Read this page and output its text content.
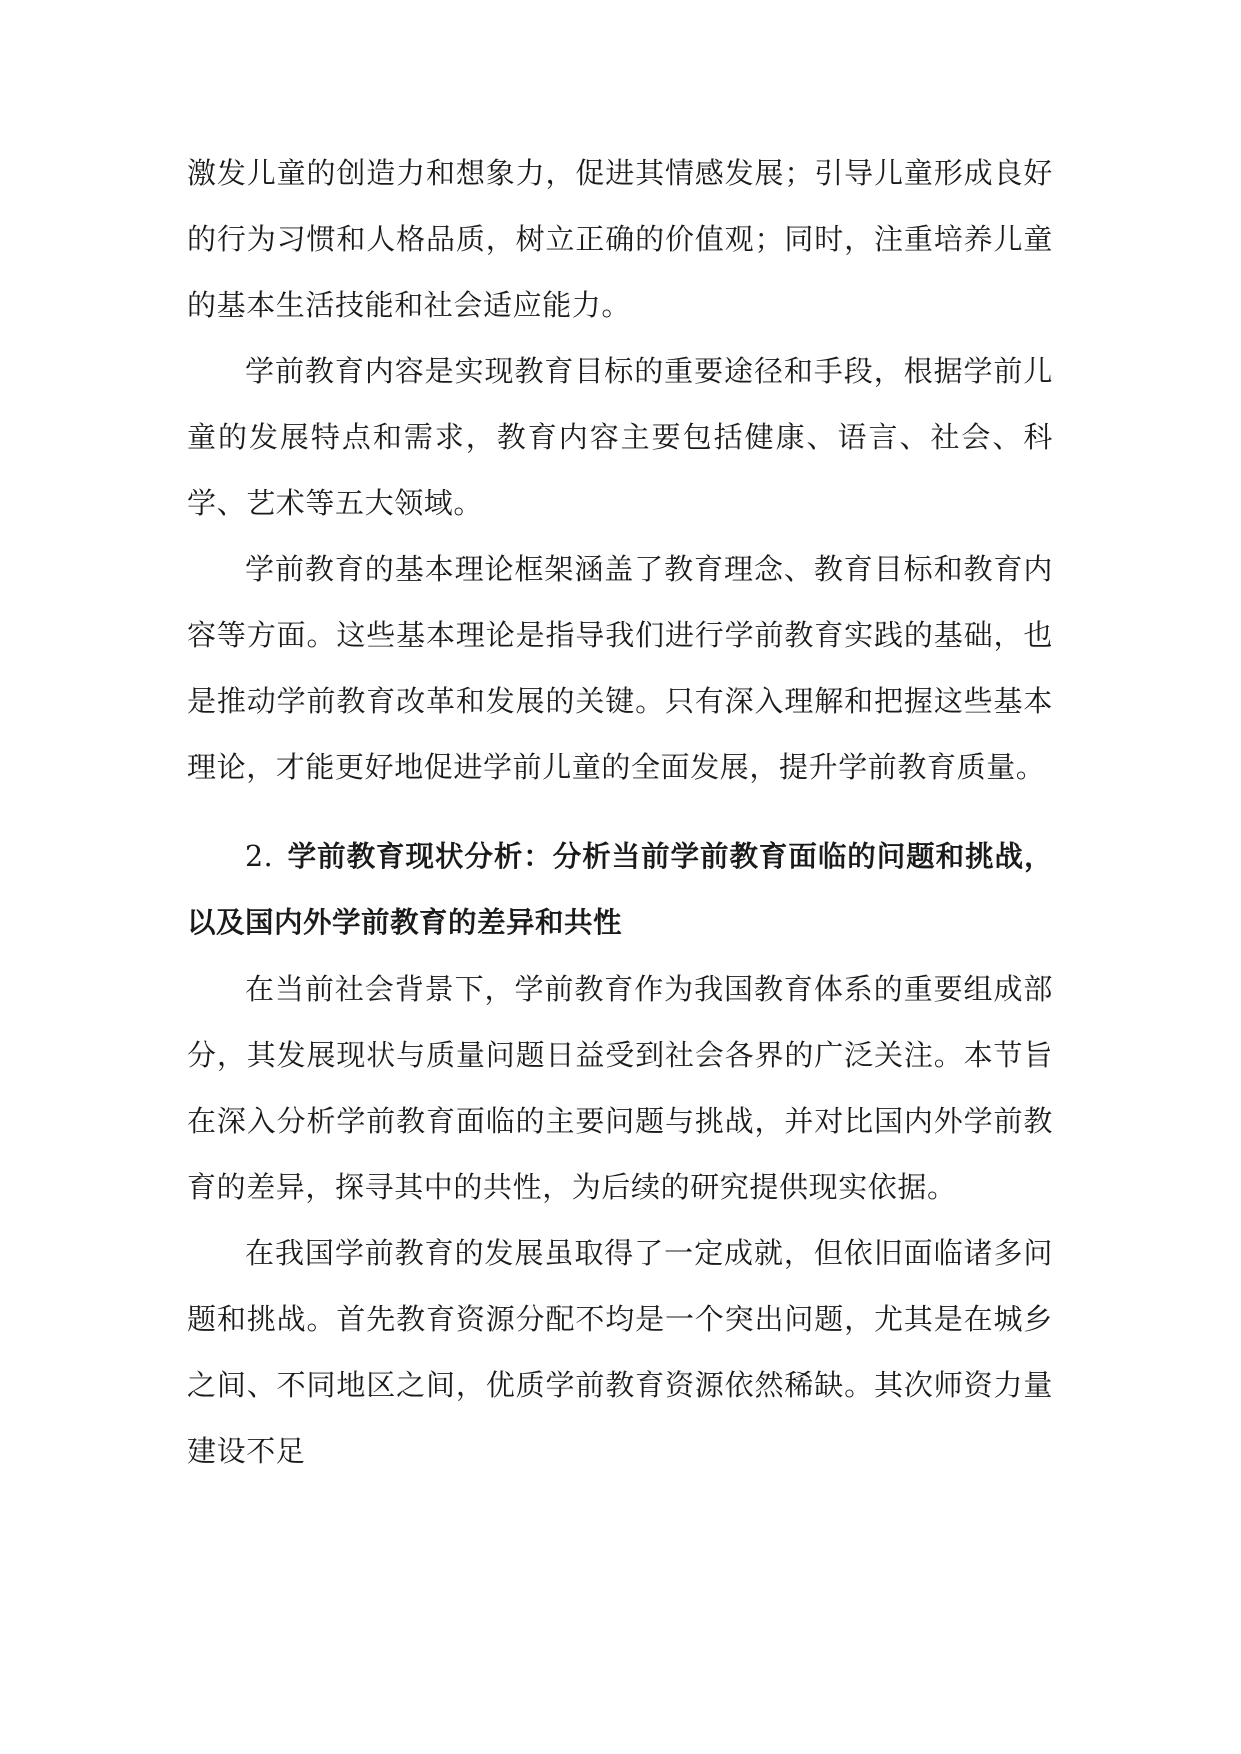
激发儿童的创造力和想象力，促进其情感发展；引导儿童形成良好的行为习惯和人格品质，树立正确的价值观；同时，注重培养儿童的基本生活技能和社会适应能力。

学前教育内容是实现教育目标的重要途径和手段，根据学前儿童的发展特点和需求，教育内容主要包括健康、语言、社会、科学、艺术等五大领域。

学前教育的基本理论框架涵盖了教育理念、教育目标和教育内容等方面。这些基本理论是指导我们进行学前教育实践的基础，也是推动学前教育改革和发展的关键。只有深入理解和把握这些基本理论，才能更好地促进学前儿童的全面发展，提升学前教育质量。

2. 学前教育现状分析：分析当前学前教育面临的问题和挑战，以及国内外学前教育的差异和共性

在当前社会背景下，学前教育作为我国教育体系的重要组成部分，其发展现状与质量问题日益受到社会各界的广泛关注。本节旨在深入分析学前教育面临的主要问题与挑战，并对比国内外学前教育的差异，探寻其中的共性，为后续的研究提供现实依据。

在我国学前教育的发展虽取得了一定成就，但依旧面临诸多问题和挑战。首先教育资源分配不均是一个突出问题，尤其是在城乡之间、不同地区之间，优质学前教育资源依然稀缺。其次师资力量建设不足
